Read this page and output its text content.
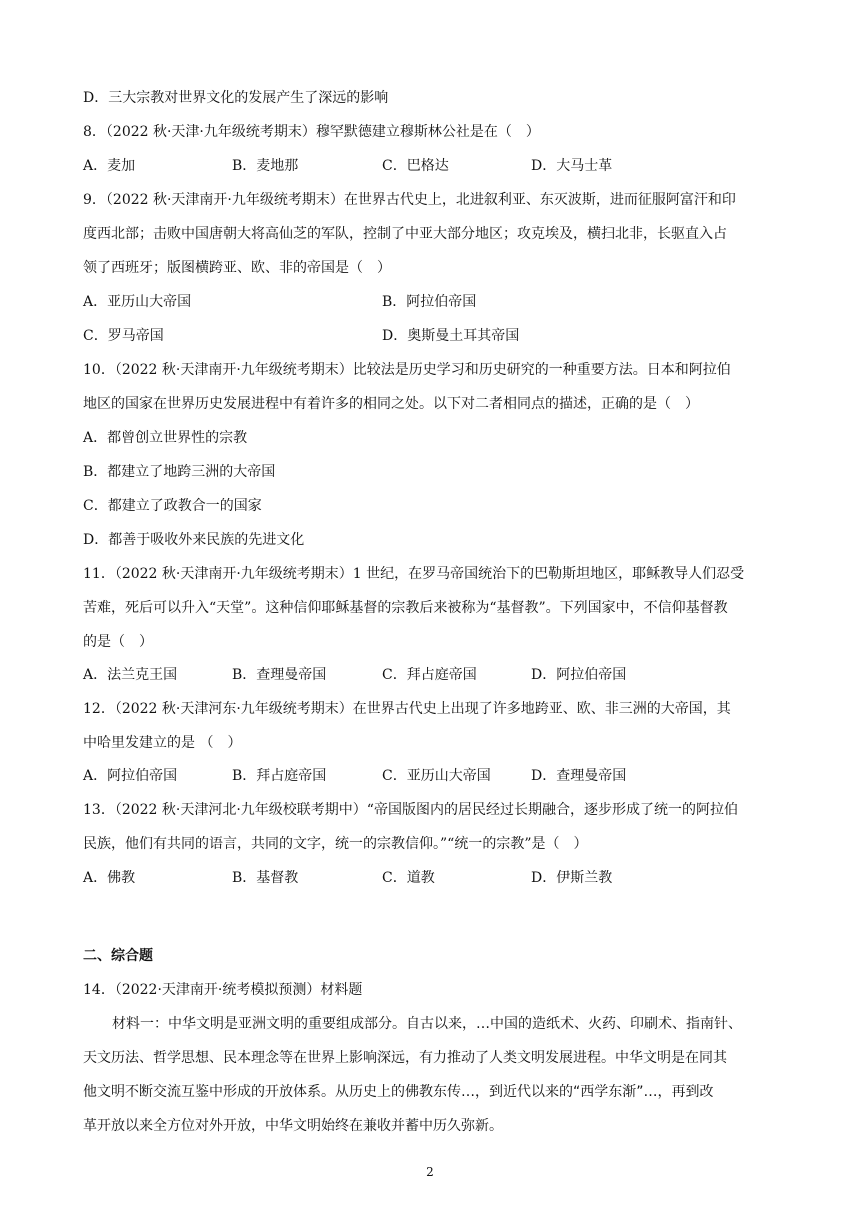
D．三大宗教对世界文化的发展产生了深远的影响
8．（2022 秋·天津·九年级统考期末）穆罕默德建立穆斯林公社是在（　）
A．麦加	B．麦地那	C．巴格达	D．大马士革
9．（2022 秋·天津南开·九年级统考期末）在世界古代史上，北进叙利亚、东灭波斯，进而征服阿富汗和印
度西北部；击败中国唐朝大将高仙芝的军队，控制了中亚大部分地区；攻克埃及，横扫北非，长驱直入占
领了西班牙；版图横跨亚、欧、非的帝国是（　）
A．亚历山大帝国	B．阿拉伯帝国
C．罗马帝国	D．奥斯曼土耳其帝国
10．（2022 秋·天津南开·九年级统考期末）比较法是历史学习和历史研究的一种重要方法。日本和阿拉伯
地区的国家在世界历史发展进程中有着许多的相同之处。以下对二者相同点的描述，正确的是（　）
A．都曾创立世界性的宗教
B．都建立了地跨三洲的大帝国
C．都建立了政教合一的国家
D．都善于吸收外来民族的先进文化
11．（2022 秋·天津南开·九年级统考期末）1 世纪，在罗马帝国统治下的巴勒斯坦地区，耶稣教导人们忍受
苦难，死后可以升入“天堂”。这种信仰耶稣基督的宗教后来被称为“基督教”。下列国家中，不信仰基督教
的是（　）
A．法兰克王国	B．查理曼帝国	C．拜占庭帝国	D．阿拉伯帝国
12．（2022 秋·天津河东·九年级统考期末）在世界古代史上出现了许多地跨亚、欧、非三洲的大帝国，其
中哈里发建立的是 （　）
A．阿拉伯帝国	B．拜占庭帝国	C．亚历山大帝国	D．查理曼帝国
13．（2022 秋·天津河北·九年级校联考期中）“帝国版图内的居民经过长期融合，逐步形成了统一的阿拉伯
民族，他们有共同的语言，共同的文字，统一的宗教信仰。”“统一的宗教”是（　）
A．佛教	B．基督教	C．道教	D．伊斯兰教
二、综合题
14．（2022·天津南开·统考模拟预测）材料题
材料一：中华文明是亚洲文明的重要组成部分。自古以来，…中国的造纸术、火药、印刷术、指南针、
天文历法、哲学思想、民本理念等在世界上影响深远，有力推动了人类文明发展进程。中华文明是在同其
他文明不断交流互鉴中形成的开放体系。从历史上的佛教东传…，到近代以来的“西学东渐”…，再到改
革开放以来全方位对外开放，中华文明始终在兼收并蓄中历久弥新。
2
